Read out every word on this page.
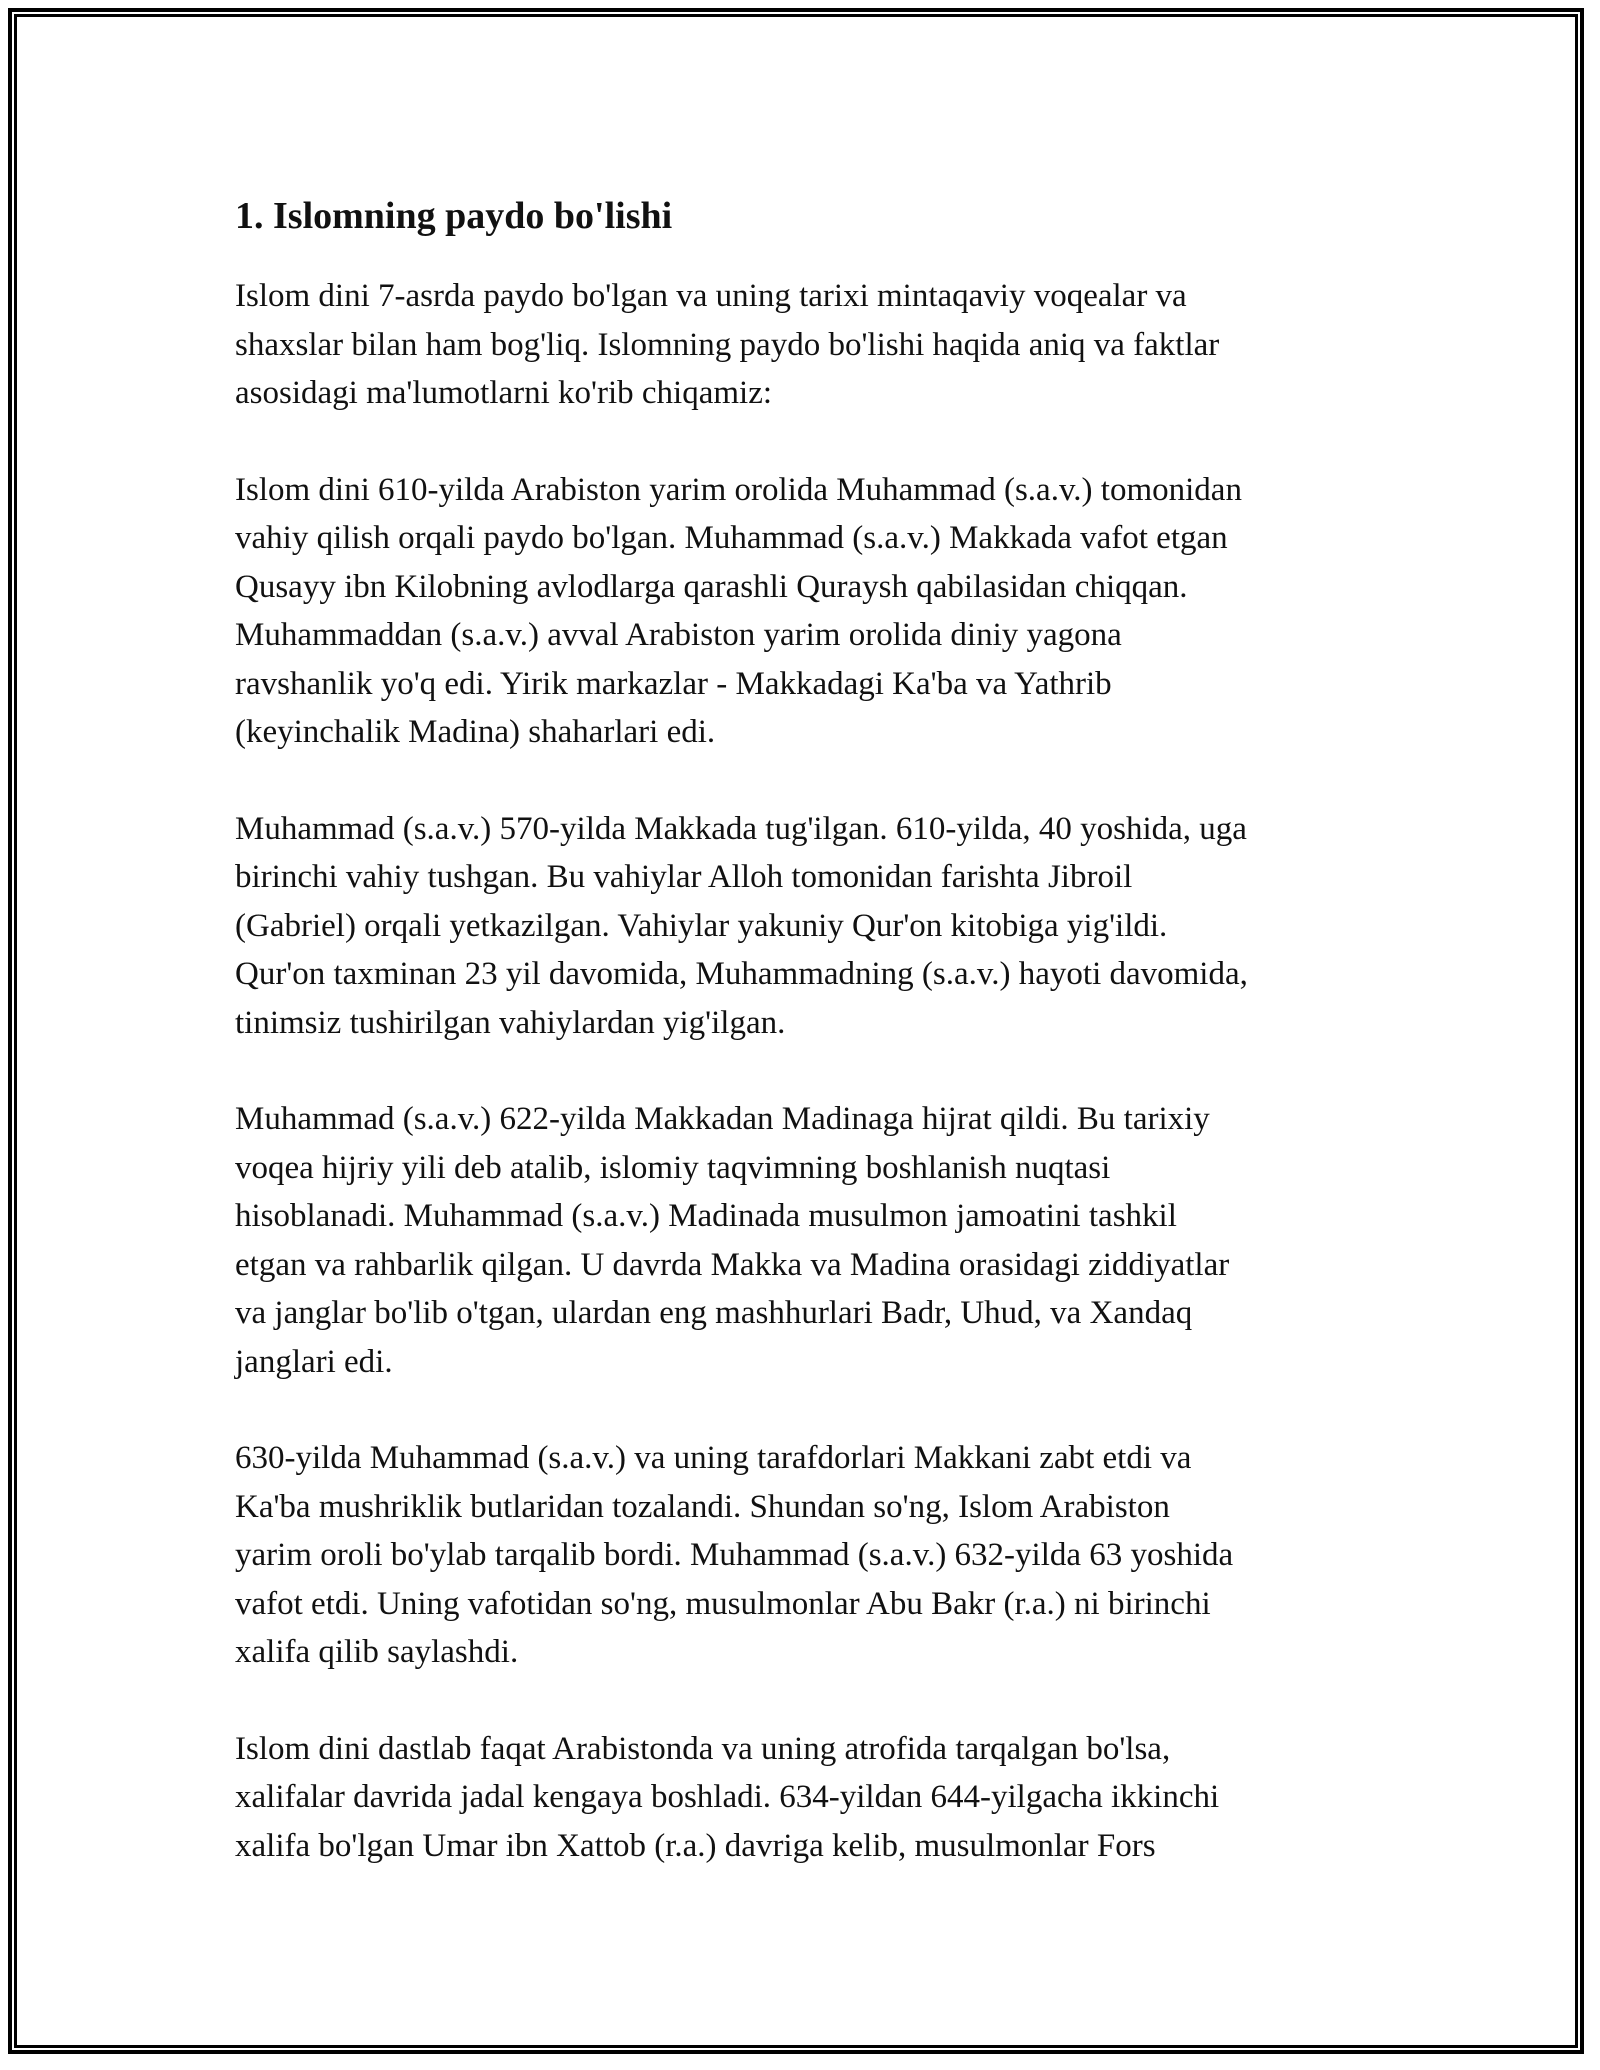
1. Islomning paydo bo'lishi

Islom dini 7-asrda paydo bo'lgan va uning tarixi mintaqaviy voqealar va
shaxslar bilan ham bog'liq. Islomning paydo bo'lishi haqida aniq va faktlar
asosidagi ma'lumotlarni ko'rib chiqamiz:

Islom dini 610-yilda Arabiston yarim orolida Muhammad (s.a.v.) tomonidan
vahiy qilish orqali paydo bo'lgan. Muhammad (s.a.v.) Makkada vafot etgan
Qusayy ibn Kilobning avlodlarga qarashli Quraysh qabilasidan chiqqan.
Muhammaddan (s.a.v.) avval Arabiston yarim orolida diniy yagona
ravshanlik yo'q edi. Yirik markazlar - Makkadagi Ka'ba va Yathrib
(keyinchalik Madina) shaharlari edi.

Muhammad (s.a.v.) 570-yilda Makkada tug'ilgan. 610-yilda, 40 yoshida, uga
birinchi vahiy tushgan. Bu vahiylar Alloh tomonidan farishta Jibroil
(Gabriel) orqali yetkazilgan. Vahiylar yakuniy Qur'on kitobiga yig'ildi.
Qur'on taxminan 23 yil davomida, Muhammadning (s.a.v.) hayoti davomida,
tinimsiz tushirilgan vahiylardan yig'ilgan.

Muhammad (s.a.v.) 622-yilda Makkadan Madinaga hijrat qildi. Bu tarixiy
voqea hijriy yili deb atalib, islomiy taqvimning boshlanish nuqtasi
hisoblanadi. Muhammad (s.a.v.) Madinada musulmon jamoatini tashkil
etgan va rahbarlik qilgan. U davrda Makka va Madina orasidagi ziddiyatlar
va janglar bo'lib o'tgan, ulardan eng mashhurlari Badr, Uhud, va Xandaq
janglari edi.

630-yilda Muhammad (s.a.v.) va uning tarafdorlari Makkani zabt etdi va
Ka'ba mushriklik butlaridan tozalandi. Shundan so'ng, Islom Arabiston
yarim oroli bo'ylab tarqalib bordi. Muhammad (s.a.v.) 632-yilda 63 yoshida
vafot etdi. Uning vafotidan so'ng, musulmonlar Abu Bakr (r.a.) ni birinchi
xalifa qilib saylashdi.

Islom dini dastlab faqat Arabistonda va uning atrofida tarqalgan bo'lsa,
xalifalar davrida jadal kengaya boshladi. 634-yildan 644-yilgacha ikkinchi
xalifa bo'lgan Umar ibn Xattob (r.a.) davriga kelib, musulmonlar Fors
